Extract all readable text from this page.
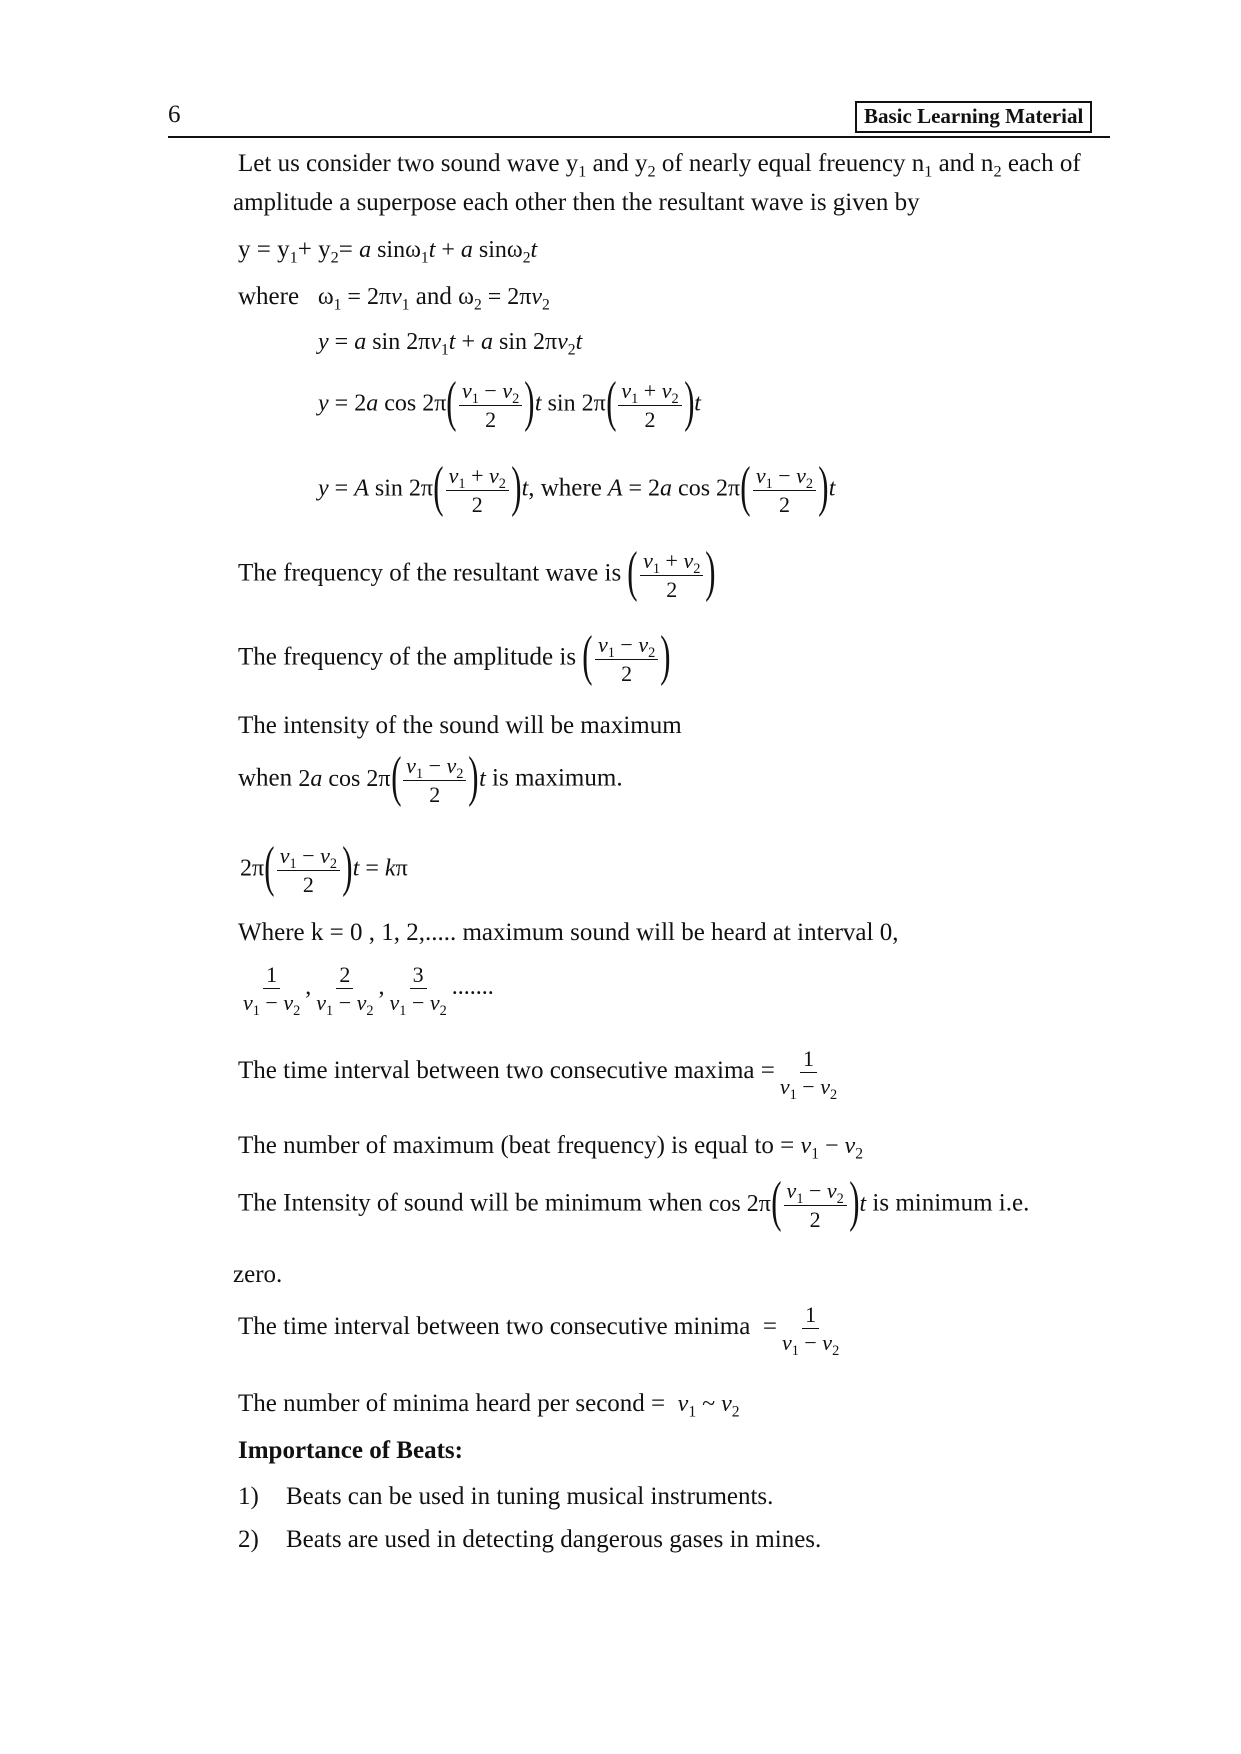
6	Basic Learning Material
Let us consider two sound wave $y_1$ and $y_2$ of nearly equal freuency $n_1$ and $n_2$ each of
amplitude a superpose each other then the resultant wave is given by
$y = y_1+ y_2= a$ sinω$_1$t + a sinω$_2$t
where $\omega_1 = 2\pi v_1$ and $\omega_2 = 2\pi v_2$
y = a $\sin 2\pi v_1t + a$ $\sin 2\pi v_2t$
y = 2a $\cos 2\pi( \frac{v_1 - v_2}{2} )t$ $\sin 2\pi( \frac{v_1 + v_2}{2} )t$
y = A $\sin 2\pi( \frac{v_1 + v_2}{2} )t$, where A = 2a $\cos 2\pi( \frac{v_1 - v_2}{2} )t$
The frequency of the resultant wave is ( $\frac{v_1 + v_2}{2}$ )
The frequency of the amplitude is ( $\frac{v_1 - v_2}{2}$ )
The intensity of the sound will be maximum
when 2a $\cos 2\pi( \frac{v_1 - v_2}{2} )t$ is maximum.
$2\pi( \frac{v_1 - v_2}{2} )t = k\pi$
Where k = 0 , 1, 2,..... maximum sound will be heard at interval 0,
$\frac{1}{v_1 - v_2}$ , $\frac{2}{v_1 - v_2}$ , $\frac{3}{v_1 - v_2}$ .......
The time interval between two consecutive maxima = $\frac{1}{v_1 - v_2}$
The number of maximum (beat frequency) is equal to = $v_1 - v_2$
The Intensity of sound will be minimum when $\cos 2\pi( \frac{v_1 - v_2}{2} )t$ is minimum i.e.
zero.
The time interval between two consecutive minima  = $\frac{1}{v_1 - v_2}$
The number of minima heard per second = $v_1$ ~ $v_2$
Importance of Beats:
1) Beats can be used in tuning musical instruments.
2) Beats are used in detecting dangerous gases in mines.
